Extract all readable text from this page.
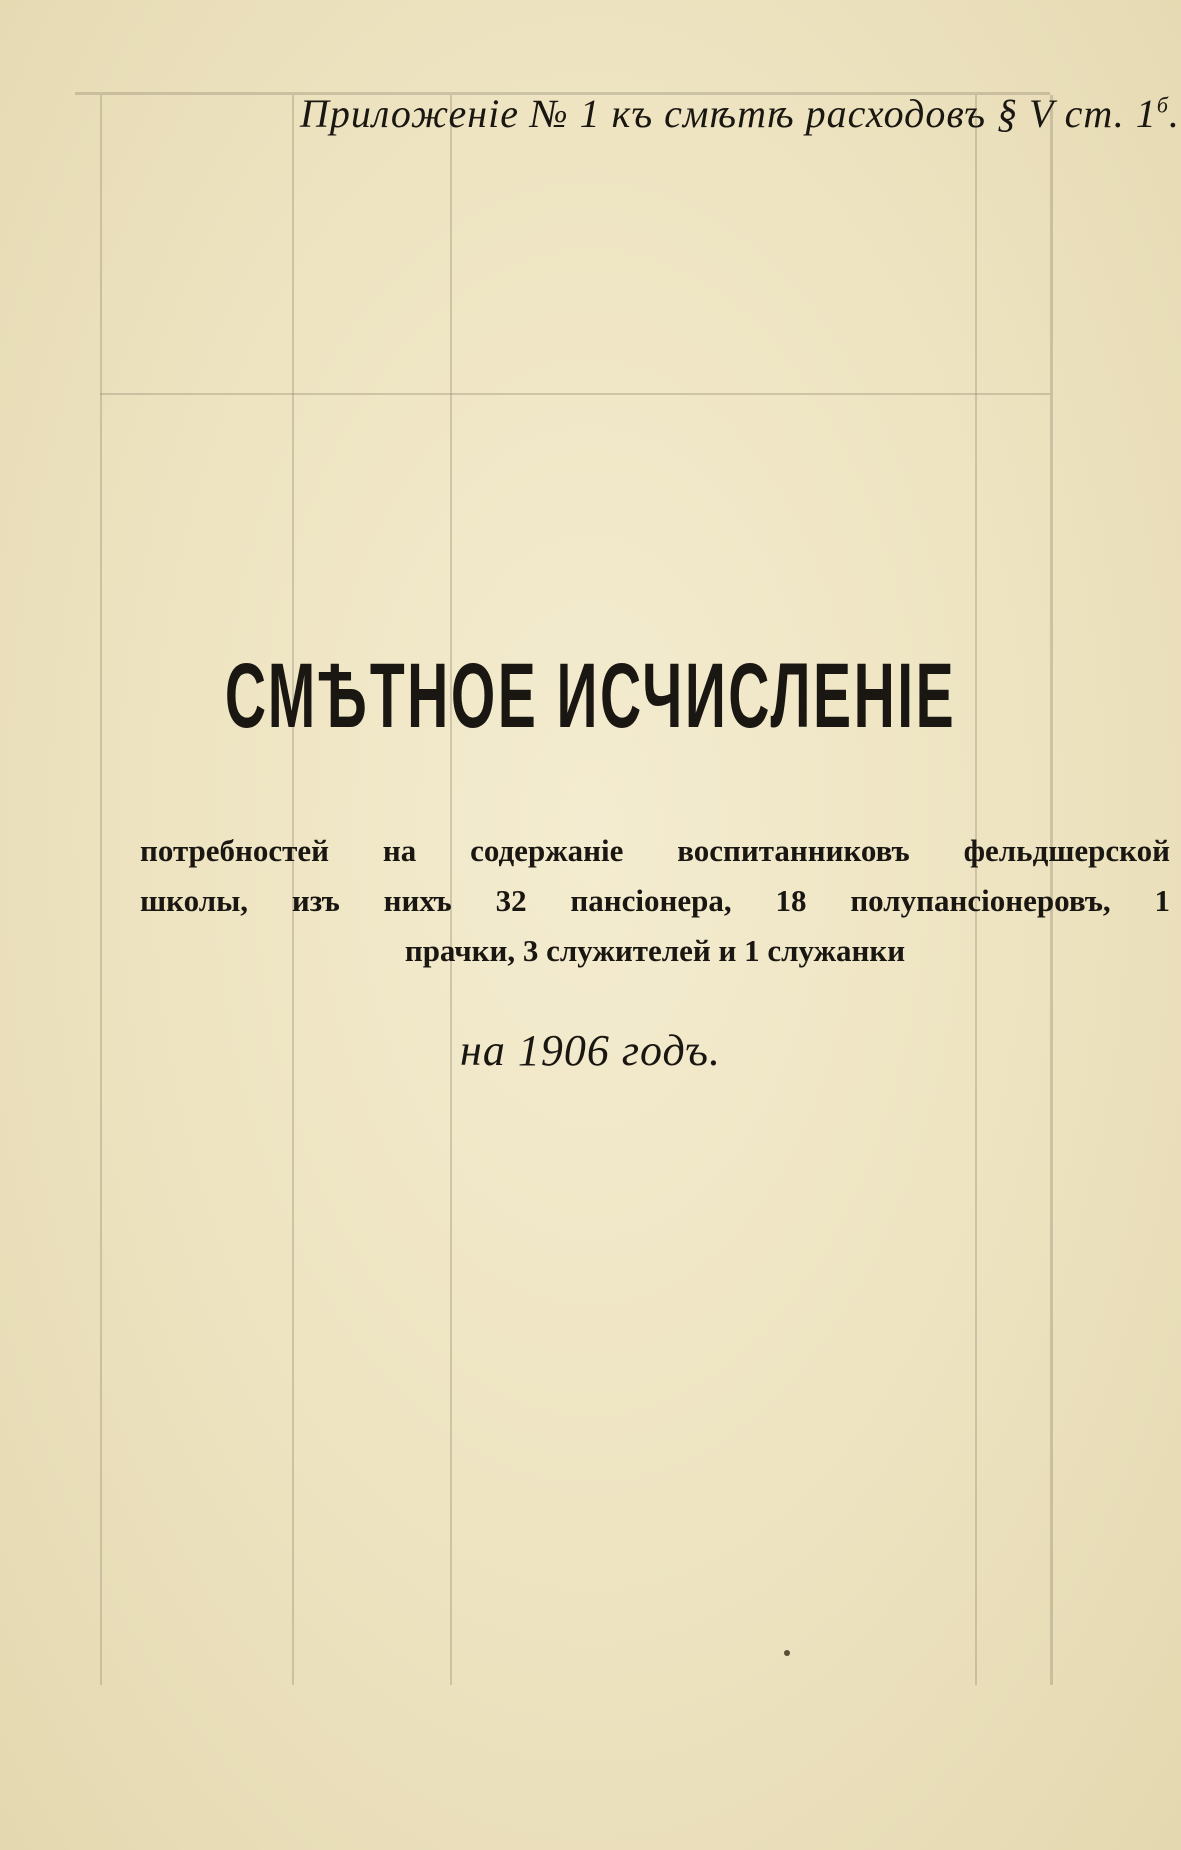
Приложенiе № 1 къ смѣтѣ расходовъ § V ст. $1^б$.
СМѢТНОЕ ИСЧИСЛЕНIЕ
потребностей на содержанiе воспитанниковъ фельдшерской
школы, изъ нихъ 32 пансiонера, 18 полупансiонеровъ, 1
прачки, 3 служителей и 1 служанки
на 1906 годъ.
